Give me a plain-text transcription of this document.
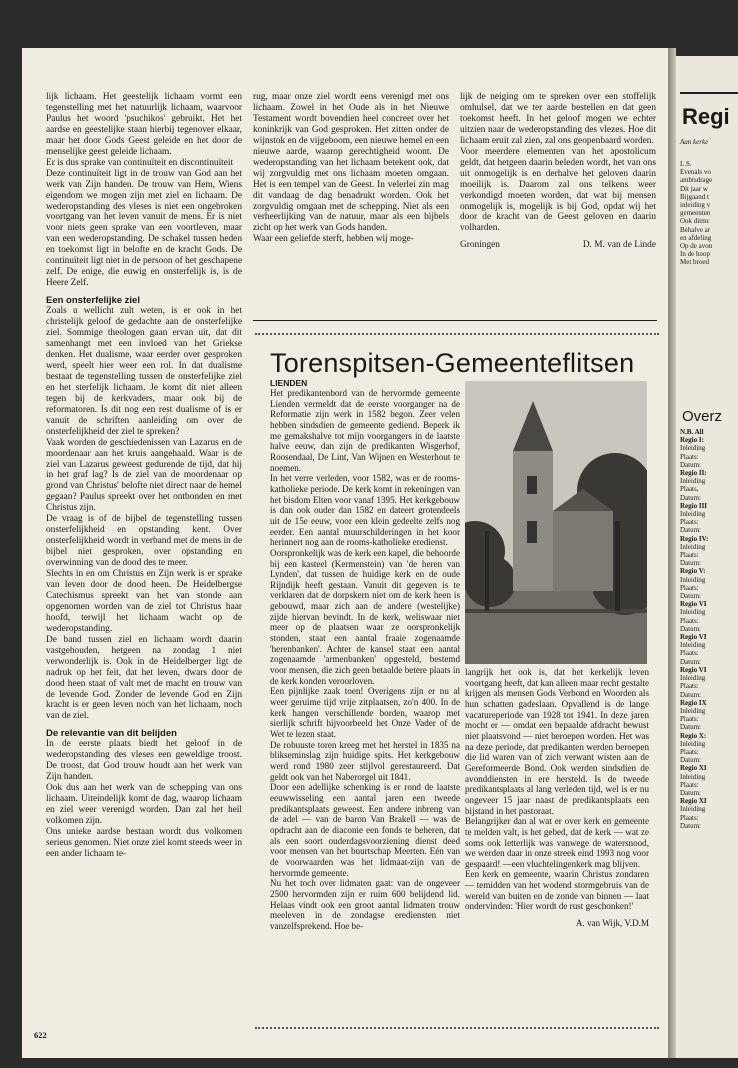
lijk lichaam. Het geestelijk lichaam vormt een tegenstelling met het natuurlijk lichaam, waarvoor Paulus het woord 'psuchikos' gebruikt. Het het aardse en geestelijke staan hierbij tegenover elkaar, maar het door Gods Geest geleide en het door de menselijke geest geleide lichaam.

Er is dus sprake van continuïteit en discontinuïteit

Deze continuïteit ligt in de trouw van God aan het werk van Zijn handen. De trouw van Hem, Wiens eigendom we mogen zijn met ziel en lichaam. De wederopstanding des vleses is niet een ongebroken voortgang van het leven vanuit de mens. Er is niet voor niets geen sprake van een voortleven, maar van een wederopstanding. De schakel tussen heden en toekomst ligt in belofte en de kracht Gods. De continuïteit ligt niet in de persoon of het geschapene zelf. De enige, die euwig en onsterfelijk is, is de Heere Zelf.

Een onsterfelijke ziel

Zoals u wellicht zult weten, is er ook in het christelijk geloof de gedachte aan de onsterfelijke ziel. Sommige theologen gaan ervan uit, dat dit samenhangt met een invloed van het Griekse denken. Het dualisme, waar eerder over gesproken werd, speelt hier weer een rol. In dat dualisme bestaat de tegenstelling tussen de onsterfelijke ziel en het sterfelijk lichaam. Je komt dit niet alleen tegen bij de kerkvaders, maar ook bij de reformatoren. Is dit nog een rest dualisme of is er vanuit de schriften aanleiding om over de onsterfelijkheid der ziel te spreken?

Vaak worden de geschiedenissen van Lazarus en de moordenaar aan het kruis aangehaald. Waar is de ziel van Lazarus geweest gedurende de tijd, dat hij in het graf lag? Is de ziel van de moordenaar op grond van Christus' belofte niet direct naar de hemel gegaan? Paulus spreekt over het ontbonden en met Christus zijn.

De vraag is of de bijbel de tegenstelling tussen onsterfelijkheid en opstanding kent. Over onsterfelijkheid wordt in verband met de mens in de bijbel niet gesproken, over opstanding en overwinning van de dood des te meer.

Slechts in en om Christus en Zijn werk is er sprake van leven door de dood heen. De Heidelbergse Catechismus spreekt van het van stonde aan opgenomen worden van de ziel tot Christus haar hoofd, terwijl het lichaam wacht op de wederopstanding.

De band tussen ziel en lichaam wordt daarin vastgehouden, hetgeen na zondag 1 niet verwonderlijk is. Ook in de Heidelberger ligt de nadruk op het feit, dat het leven, dwars door de dood heen staat of valt met de macht en trouw van de levende God. Zonder de levende God en Zijn kracht is er geen leven noch van het lichaam, noch van de ziel.

De relevantie van dit belijden

In de eerste plaats biedt het geloof in de wederopstanding des vleses een geweldige troost. De troost, dat God trouw houdt aan het werk van Zijn handen.

Ook dus aan het werk van de schepping van ons lichaam. Uiteindelijk komt de dag, waarop lichaam en ziel weer verenigd worden. Dan zal het heil volkomen zijn.

Ons unieke aardse bestaan wordt dus volkomen serieus genomen. Niet onze ziel komt steeds weer in een ander lichaam te-

rug, maar onze ziel wordt eens verenigd met ons lichaam. Zowel in het Oude als in het Nieuwe Testament wordt bovendien heel concreet over het koninkrijk van God gesproken. Het zitten onder de wijnstok en de vijgeboom, een nieuwe hemel en een nieuwe aarde, waarop gerechtigheid woont. De wederopstanding van het lichaam betekent ook, dat wij zorgvuldig met ons lichaam moeten omgaan. Het is een tempel van de Geest. In velerlei zin mag dit vandaag de dag benadrukt worden. Ook het zorgvuldig omgaan met de schepping. Niet als een verheerlijking van de natuur, maar als een bijbels zicht op het werk van Gods handen.

Waar een geliefde sterft, hebben wij moge-

lijk de neiging om te spreken over een stoffelijk omhulsel, dat we ter aarde bestellen en dat geen toekomst heeft. In het geloof mogen we echter uitzien naar de wederopstanding des vlezes. Hoe dit lichaam eruit zal zien, zal ons geopenbaard worden.

Voor meerdere elementen van het apostolicum geldt, dat hetgeen daarin beleden wordt, het van ons uit onmogelijk is en derhalve het geloven daarin moeilijk is. Daarom zal ons telkens weer verkondigd moeten worden, dat wat bij mensen onmogelijk is, mogelijk is bij God, opdat wij het door de kracht van de Geest geloven en daarin volharden.

Groningen	D. M. van de Linde
Torenspitsen-Gemeenteflitsen
LIENDEN

Het predikantenbord van de hervormde gemeente Lienden vermeldt dat de eerste voorganger na de Reformatie zijn werk in 1582 begon. Zeer velen hebben sindsdien de gemeente gediend. Beperk ik me gemakshalve tot mijn voorgangers in de laatste halve eeuw, dan zijn de predikanten Wisgerhof, Roosendaal, De Lint, Van Wijnen en Westerhout te noemen.

In het verre verleden, voor 1582, was er de rooms-katholieke periode. De kerk komt in rekeningen van het bisdom Elten voor vanaf 1395. Het kerkgebouw is dan ook ouder dan 1582 en dateert grotendeels uit de 15e eeuw, voor een klein gedeelte zelfs nog eerder. Een aantal muurschilderingen in het koor herinnert nog aan de rooms-katholieke eredienst.

Oorspronkelijk was de kerk een kapel, die behoorde bij een kasteel (Kermenstein) van 'de heren van Lynden', dat tussen de huidige kerk en de oude Rijndijk heeft gestaan. Vanuit dit gegeven is te verklaren dat de dorpskern niet om de kerk heen is gebouwd, maar zich aan de andere (westelijke) zijde hiervan bevindt. In de kerk, weliswaar niet meer op de plaatsen waar ze oorspronkelijk stonden, staat een aantal fraaie zogenaamde 'herenbanken'. Achter de kansel staat een aantal zogenaamde 'armenbanken' opgesteld, bestemd voor mensen, die zich geen betaalde betere plaats in de kerk konden veroorloven.

Een pijnlijke zaak toen! Overigens zijn er nu al weer geruime tijd vrije zitplaatsen, zo'n 400. In de kerk hangen verschillende borden, waarop met sierlijk schrift hijvoorbeeld het Onze Vader of de Wet te lezen staat.

De robuuste toren kreeg met het herstel in 1835 na blikseminslag zijn huidige spits. Het kerkgebouw werd rond 1980 zeer stijlvol gerestaureerd. Dat geldt ook van het Naberorgel uit 1841.

Door een adellijke schenking is er rond de laatste eeuwwisseling een aantal jaren een tweede predikantsplaats geweest. Een andere inbreng van de adel — van de baron Van Brakell — was de opdracht aan de diaconie een fonds te beheren, dat als een soort ouderdagsvoorziening dienst deed voor mensen van het buurtschap Meerten. Eén van de voorwaarden was het lidmaat-zijn van de hervormde gemeente.

Nu het toch over lidmaten gaat: van de ongeveer 2500 hervormden zijn er ruim 600 belijdend lid. Helaas vindt ook een groot aantal lidmaten trouw meeleven in de zondagse erediensten niet vanzelfsprekend. Hoe be-

langrijk het ook is, dat het kerkelijk leven voortgang heeft, dat kan alleen maar recht gestalte krijgen als mensen Gods Verbond en Woorden als hun schatten gadeslaan. Opvallend is de lange vacatureperiode van 1928 tot 1941. In deze jaren mocht er — omdat een bepaalde afdracht bewust niet plaatsvond — niet beroepen worden. Het was na deze periode, dat predikanten werden beroepen die lid waren van of zich verwant wisten aan de Gereformeerde Bond. Ook werden sindsdien de avonddiensten in ere hersteld. Is de tweede predikantsplaats al lang verleden tijd, wel is er nu ongeveer 15 jaar naast de predikantsplaats een bijstand in het pastoraat.

Belangrijker dan al wat er over kerk en gemeente te melden valt, is het gebed, dat de kerk — wat ze soms ook letterlijk was vanwege de watersnood, we werden daar in onze streek eind 1993 nog voor gespaard! —een vluchtelingenkerk mag blijven.

Een kerk en gemeente, waarin Christus zondaren — temidden van het wodend stormgebruis van de wereld van buiten en de zonde van binnen — laat ondervinden: 'Hier wordt de rust geschonken!'

A. van Wijk, V.D.M
622
Regi
Aan kerke
L.S.
Evenals vo
ambtsdrage
Dit jaar w
Bijgaand t
inleiding v
gemeenten
Ook ditmc
Behalve ar
en afdeling
Op de avon
In de hoop
Met broed
Overz
N.B. All
Regio I:
Inleiding
Plaats:
Datum:
Regio II:
Inleiding
Plaats,
Datum:
Regio III
Inleiding
Plaats:
Datum:
Regio IV:
Inleiding
Plaats:
Datum:
Regio V:
Inleiding
Plaats:
Datum:
Regio VI
Inleiding
Plaats:
Datum:
Regio VI
Inleiding
Plaats:
Datum:
Regio VI
Inleiding
Plaats:
Datum:
Regio IX
Inleiding
Plaats:
Datum:
Regio X:
Inleiding
Plaats:
Datum:
Regio XI
Inleiding
Plaats:
Datum:
Regio XI
Inleiding
Plaats:
Datum:
